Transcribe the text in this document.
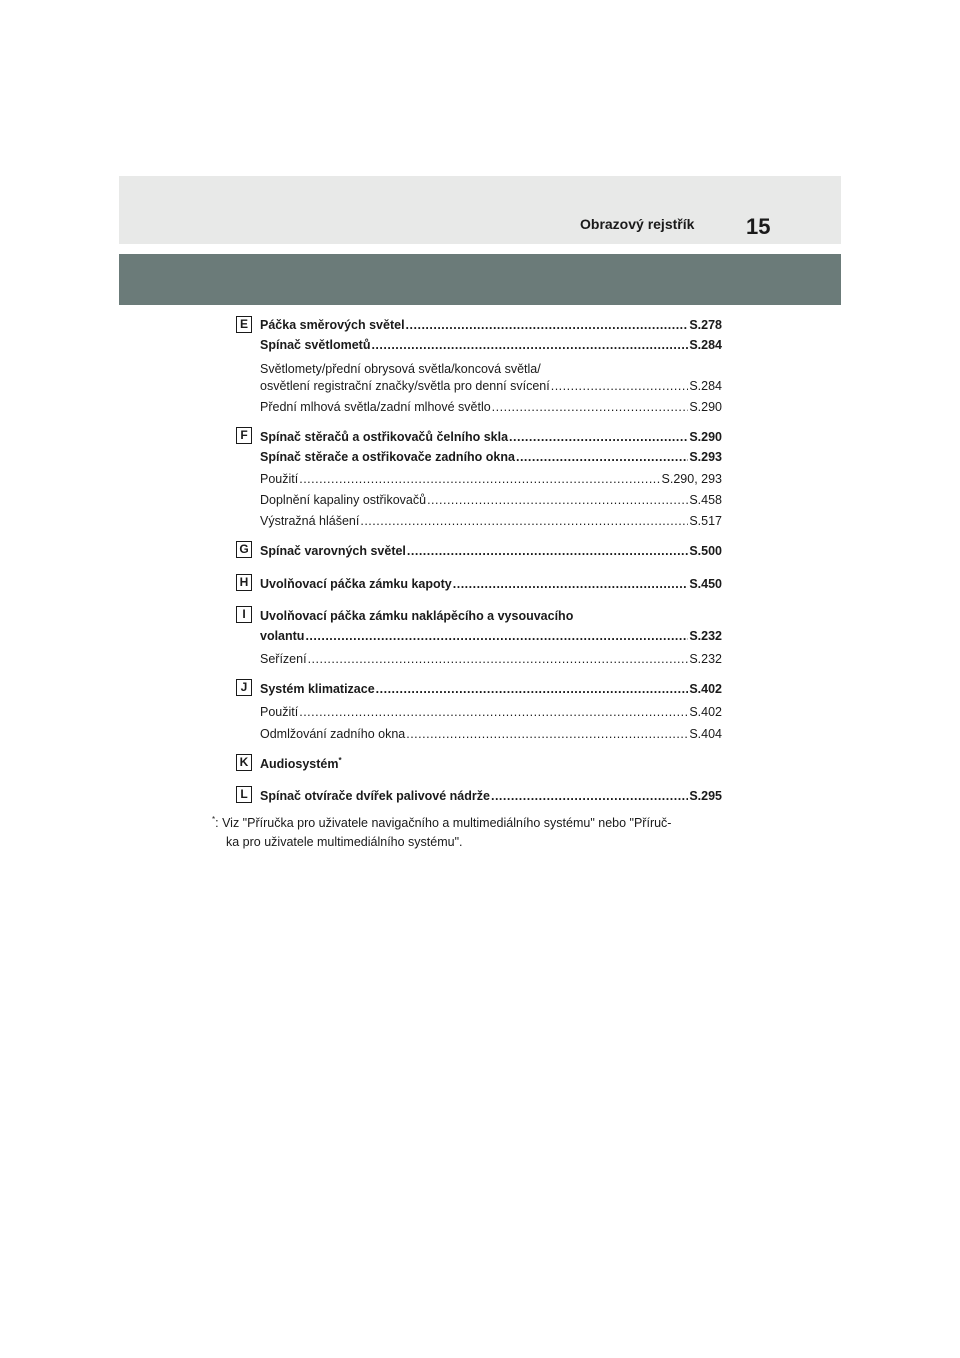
Obrazový rejstřík 15
E Páčka směrových světel .....	S.278
Spínač světlometů .....	S.284
Světlomety/přední obrysová světla/koncová světla/
osvětlení registrační značky/světla pro denní svícení .....	S.284
Přední mlhová světla/zadní mlhové světlo .....	S.290
F Spínač stěračů a ostřikovačů čelního skla .....	S.290
Spínač stěrače a ostřikovače zadního okna .....	S.293
Použití .....	S.290, 293
Doplnění kapaliny ostřikovačů .....	S.458
Výstražná hlášení .....	S.517
G Spínač varovných světel .....	S.500
H Uvolňovací páčka zámku kapoty .....	S.450
I	Uvolňovací páčka zámku naklápěcího a vysouvacího
volantu .....	S.232
Seřízení .....	S.232
J	Systém klimatizace .....	S.402
Použití .....	S.402
Odmlžování zadního okna .....	S.404
K Audiosystém*
L Spínač otvírače dvířek palivové nádrže .....	S.295
*: Viz "Příručka pro uživatele navigačního a multimediálního systému" nebo "Příruč-
ka pro uživatele multimediálního systému".
